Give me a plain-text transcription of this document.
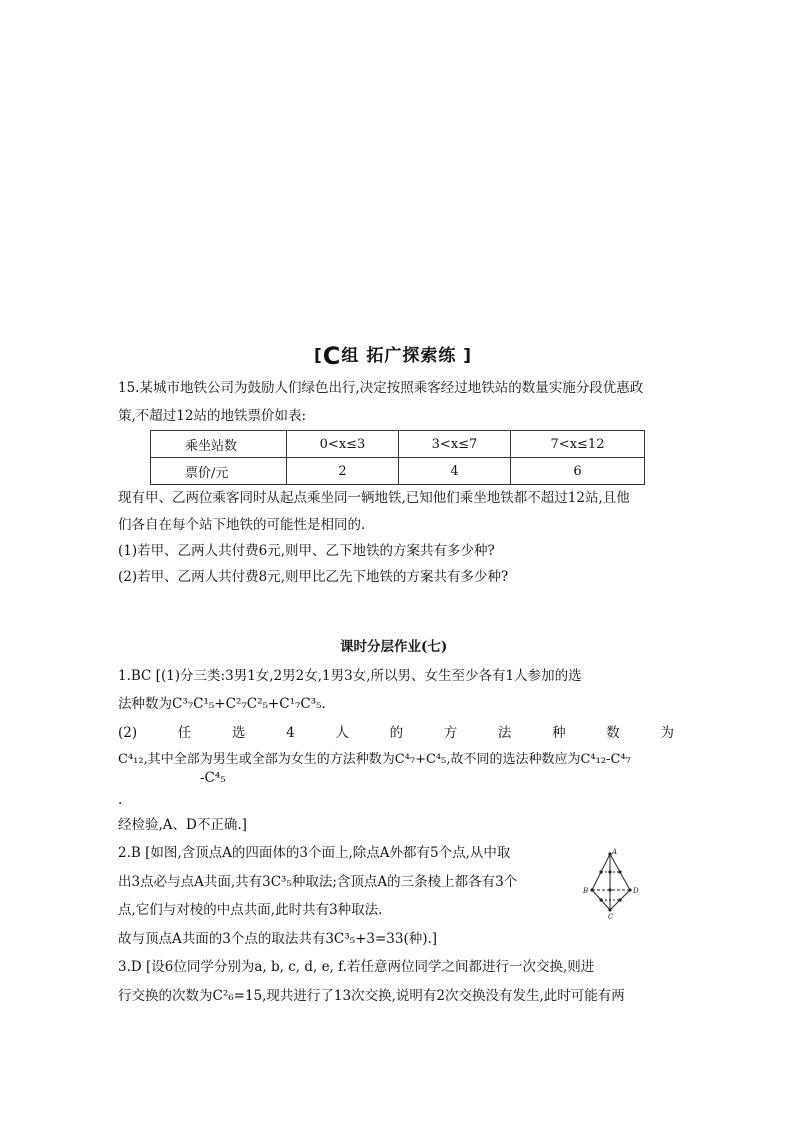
[C组 拓广探索练 ]
15.某城市地铁公司为鼓励人们绿色出行,决定按照乘客经过地铁站的数量实施分段优惠政
策,不超过12站的地铁票价如表:
乘坐站数	0<x≤3	3<x≤7	7<x≤12
票价/元	2	4	6
现有甲、乙两位乘客同时从起点乘坐同一辆地铁,已知他们乘坐地铁都不超过12站,且他
们各自在每个站下地铁的可能性是相同的.
(1)若甲、乙两人共付费6元,则甲、乙下地铁的方案共有多少种?
(2)若甲、乙两人共付费8元,则甲比乙先下地铁的方案共有多少种?
课时分层作业(七)
1.BC [(1)分三类:3男1女,2男2女,1男3女,所以男、女生至少各有1人参加的选
法种数为C³₇C¹₅+C²₇C²₅+C¹₇C³₅.
(2)	任	选	4	人	的	方	法	种	数	为
C⁴₁₂,其中全部为男生或全部为女生的方法种数为C⁴₇+C⁴₅,故不同的选法种数应为C⁴₁₂-C⁴₇
-C⁴₅
.
经检验,A、D不正确.]
2.B [如图,含顶点A的四面体的3个面上,除点A外都有5个点,从中取
出3点必与点A共面,共有3C³₅种取法;含顶点A的三条棱上都各有3个
点,它们与对棱的中点共面,此时共有3种取法.
故与顶点A共面的3个点的取法共有3C³₅+3=33(种).]
3.D [设6位同学分别为a, b, c, d, e, f.若任意两位同学之间都进行一次交换,则进
行交换的次数为C²₆=15,现共进行了13次交换,说明有2次交换没有发生,此时可能有两
A
B
C
D
